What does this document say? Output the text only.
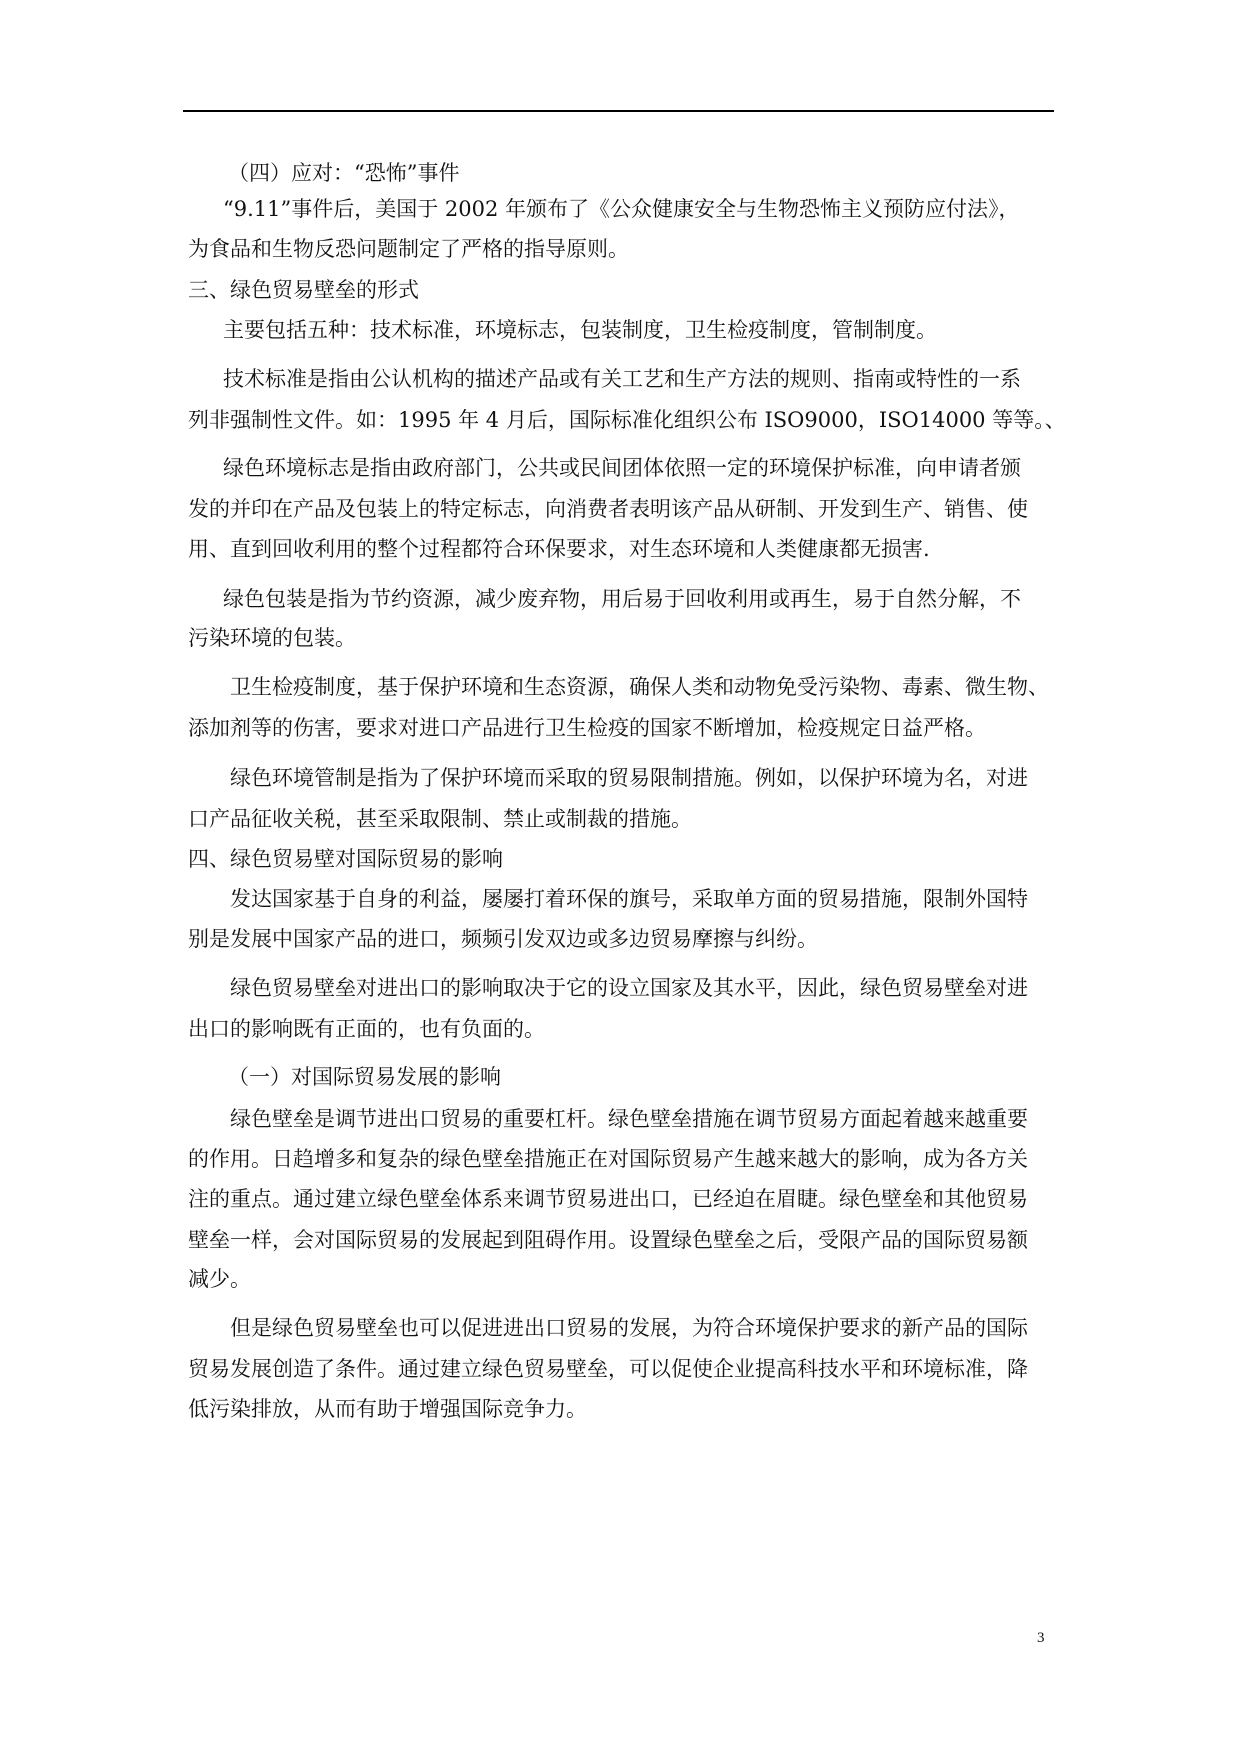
（四）应对：“恐怖”事件
“9.11”事件后，美国于 2002 年颁布了《公众健康安全与生物恐怖主义预防应付法》，
为食品和生物反恐问题制定了严格的指导原则。
三、绿色贸易壁垒的形式
主要包括五种：技术标准，环境标志，包装制度，卫生检疫制度，管制制度。
技术标准是指由公认机构的描述产品或有关工艺和生产方法的规则、指南或特性的一系
列非强制性文件。如：1995 年 4 月后，国际标准化组织公布 ISO9000，ISO14000 等等。、
绿色环境标志是指由政府部门，公共或民间团体依照一定的环境保护标准，向申请者颁
发的并印在产品及包装上的特定标志，向消费者表明该产品从研制、开发到生产、销售、使
用、直到回收利用的整个过程都符合环保要求，对生态环境和人类健康都无损害.
绿色包装是指为节约资源，减少废弃物，用后易于回收利用或再生，易于自然分解，不
污染环境的包装。
卫生检疫制度，基于保护环境和生态资源，确保人类和动物免受污染物、毒素、微生物、
添加剂等的伤害，要求对进口产品进行卫生检疫的国家不断增加，检疫规定日益严格。
绿色环境管制是指为了保护环境而采取的贸易限制措施。例如，以保护环境为名，对进
口产品征收关税，甚至采取限制、禁止或制裁的措施。
四、绿色贸易壁对国际贸易的影响
发达国家基于自身的利益，屡屡打着环保的旗号，采取单方面的贸易措施，限制外国特
别是发展中国家产品的进口，频频引发双边或多边贸易摩擦与纠纷。
绿色贸易壁垒对进出口的影响取决于它的设立国家及其水平，因此，绿色贸易壁垒对进
出口的影响既有正面的，也有负面的。
（一）对国际贸易发展的影响
绿色壁垒是调节进出口贸易的重要杠杆。绿色壁垒措施在调节贸易方面起着越来越重要
的作用。日趋增多和复杂的绿色壁垒措施正在对国际贸易产生越来越大的影响，成为各方关
注的重点。通过建立绿色壁垒体系来调节贸易进出口，已经迫在眉睫。绿色壁垒和其他贸易
壁垒一样，会对国际贸易的发展起到阻碍作用。设置绿色壁垒之后，受限产品的国际贸易额
减少。
但是绿色贸易壁垒也可以促进进出口贸易的发展，为符合环境保护要求的新产品的国际
贸易发展创造了条件。通过建立绿色贸易壁垒，可以促使企业提高科技水平和环境标准，降
低污染排放，从而有助于增强国际竞争力。
3
